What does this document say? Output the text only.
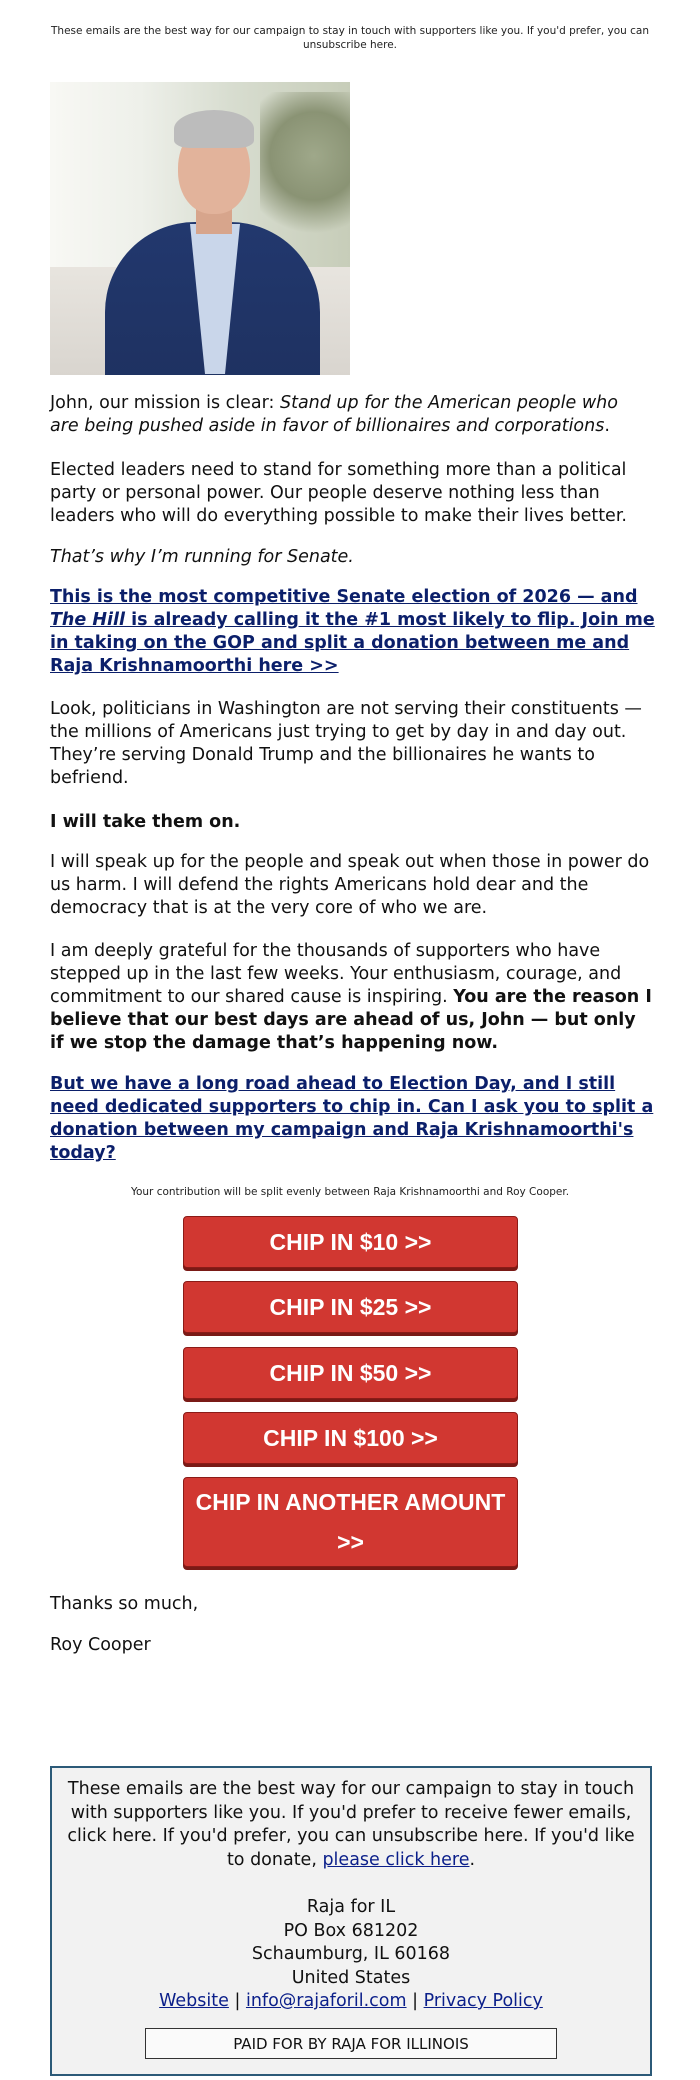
These emails are the best way for our campaign to stay in touch with supporters like you. If you'd prefer, you can unsubscribe here.

John, our mission is clear: Stand up for the American people who are being pushed aside in favor of billionaires and corporations.

Elected leaders need to stand for something more than a political party or personal power. Our people deserve nothing less than leaders who will do everything possible to make their lives better.

That’s why I’m running for Senate.

This is the most competitive Senate election of 2026 — and The Hill is already calling it the #1 most likely to flip. Join me in taking on the GOP and split a donation between me and Raja Krishnamoorthi here >>

Look, politicians in Washington are not serving their constituents — the millions of Americans just trying to get by day in and day out. They’re serving Donald Trump and the billionaires he wants to befriend.

I will take them on.

I will speak up for the people and speak out when those in power do us harm. I will defend the rights Americans hold dear and the democracy that is at the very core of who we are.

I am deeply grateful for the thousands of supporters who have stepped up in the last few weeks. Your enthusiasm, courage, and commitment to our shared cause is inspiring. You are the reason I believe that our best days are ahead of us, John — but only if we stop the damage that’s happening now.

But we have a long road ahead to Election Day, and I still need dedicated supporters to chip in. Can I ask you to split a donation between my campaign and Raja Krishnamoorthi's today?
Your contribution will be split evenly between Raja Krishnamoorthi and Roy Cooper.
CHIP IN $10 >>
CHIP IN $25 >>
CHIP IN $50 >>
CHIP IN $100 >>
CHIP IN ANOTHER AMOUNT >>
Thanks so much,
Roy Cooper
These emails are the best way for our campaign to stay in touch with supporters like you. If you'd prefer to receive fewer emails, click here. If you'd prefer, you can unsubscribe here. If you'd like to donate, please click here.
Raja for IL
PO Box 681202
Schaumburg, IL 60168
United States
Website | info@rajaforil.com | Privacy Policy
PAID FOR BY RAJA FOR ILLINOIS
